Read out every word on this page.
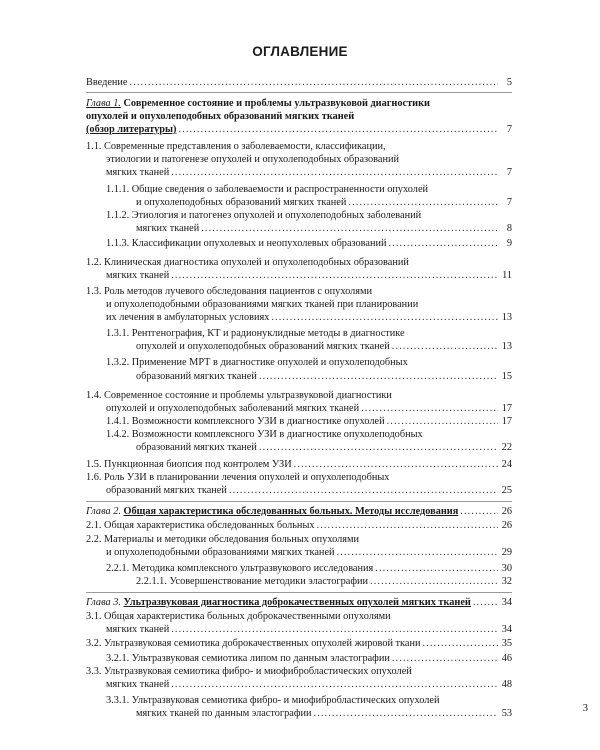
ОГЛАВЛЕНИЕ
Введение .....	5
Глава 1. Современное состояние и проблемы ультразвуковой диагностики
опухолей и опухолеподобных образований мягких тканей
(обзор литературы) .....	7
1.1. Современные представления о заболеваемости, классификации,
этиологии и патогенезе опухолей и опухолеподобных образований
мягких тканей .....	7
1.1.1. Общие сведения о заболеваемости и распространенности опухолей
и опухолеподобных образований мягких тканей .....	7
1.1.2. Этиология и патогенез опухолей и опухолеподобных заболеваний
мягких тканей .....	8
1.1.3. Классификации опухолевых и неопухолевых образований .....	9
1.2. Клиническая диагностика опухолей и опухолеподобных образований
мягких тканей .....	11
1.3. Роль методов лучевого обследования пациентов с опухолями
и опухолеподобными образованиями мягких тканей при планировании
их лечения в амбулаторных условиях .....	13
1.3.1. Рентгенография, КТ и радионуклидные методы в диагностике
опухолей и опухолеподобных образований мягких тканей .....	13
1.3.2. Применение МРТ в диагностике опухолей и опухолеподобных
образований мягких тканей .....	15
1.4. Современное состояние и проблемы ультразвуковой диагностики
опухолей и опухолеподобных заболеваний мягких тканей .....	17
1.4.1. Возможности комплексного УЗИ в диагностике опухолей .....	17
1.4.2. Возможности комплексного УЗИ в диагностике опухолеподобных
образований мягких тканей .....	22
1.5. Пункционная биопсия под контролем УЗИ .....	24
1.6. Роль УЗИ в планировании лечения опухолей и опухолеподобных
образований мягких тканей .....	25
Глава 2. Общая характеристика обследованных больных. Методы исследования .....	26
2.1. Общая характеристика обследованных больных .....	26
2.2. Материалы и методики обследования больных опухолями
и опухолеподобными образованиями мягких тканей .....	29
2.2.1. Методика комплексного ультразвукового исследования .....	30
2.2.1.1. Усовершенствование методики эластографии .....	32
Глава 3. Ультразвуковая диагностика доброкачественных опухолей мягких тканей .....	34
3.1. Общая характеристика больных доброкачественными опухолями
мягких тканей .....	34
3.2. Ультразвуковая семиотика доброкачественных опухолей жировой ткани .....	35
3.2.1. Ультразвуковая семиотика липом по данным эластографии .....	46
3.3. Ультразвуковая семиотика фибро- и миофибробластических опухолей
мягких тканей .....	48
3.3.1. Ультразвуковая семиотика фибро- и миофибробластических опухолей
мягких тканей по данным эластографии .....	53	3
